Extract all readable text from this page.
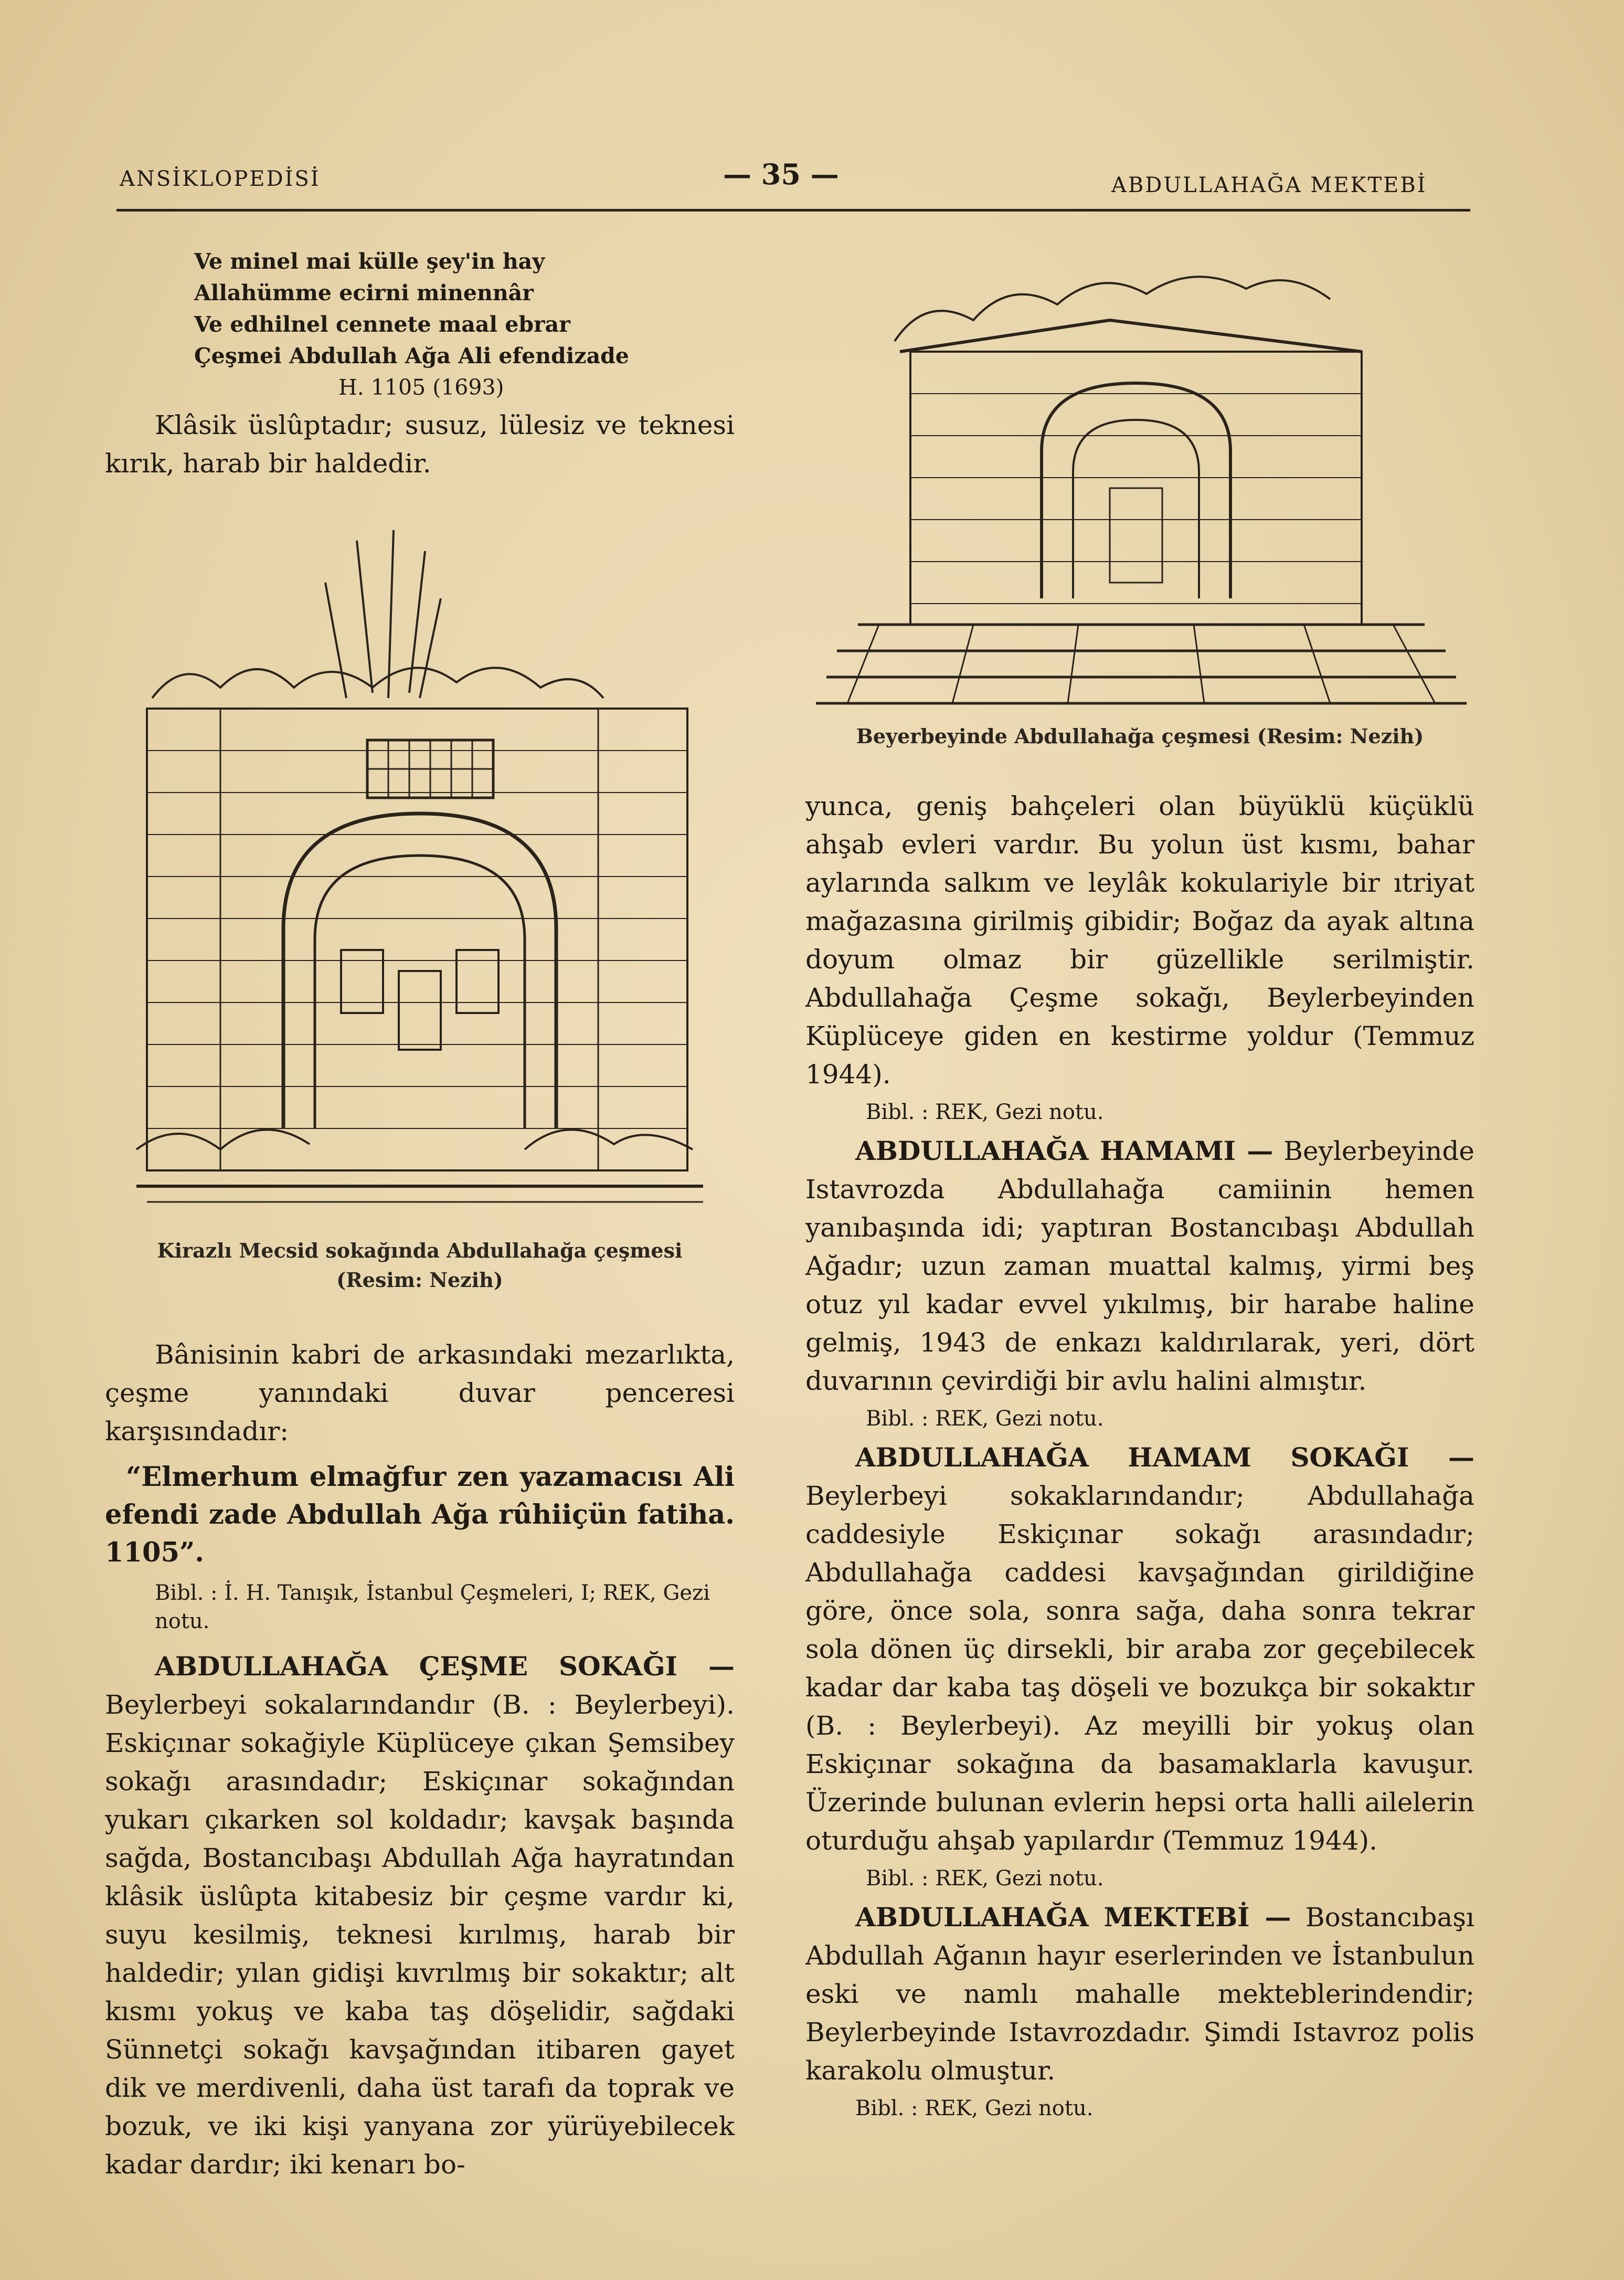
ANSİKLOPEDİSİ	— 35 —	ABDULLAHAĞA MEKTEBİ
Ve minel mai külle şey'in hay
Allahümme ecirni minennâr
Ve edhilnel cennete maal ebrar
Çeşmei Abdullah Ağa Ali efendizade
H. 1105 (1693)

Klâsik üslûptadır; susuz, lülesiz ve teknesi kırık, harab bir haldedir.

Kirazlı Mecsid sokağında Abdullahağa çeşmesi
(Resim: Nezih)

Bânisinin kabri de arkasındaki mezarlıkta, çeşme yanındaki duvar penceresi karşısındadır:

“Elmerhum elmağfur zen yazamacısı Ali efendi zade Abdullah Ağa rûhiiçün fatiha. 1105”.

Bibl. : İ. H. Tanışık, İstanbul Çeşmeleri, I; REK, Gezi notu.

ABDULLAHAĞA ÇEŞME SOKAĞI — Beylerbeyi sokalarındandır (B. : Beylerbeyi). Eskiçınar sokağiyle Küplüceye çıkan Şemsibey sokağı arasındadır; Eskiçınar sokağından yukarı çıkarken sol koldadır; kavşak başında sağda, Bostancıbaşı Abdullah Ağa hayratından klâsik üslûpta kitabesiz bir çeşme vardır ki, suyu kesilmiş, teknesi kırılmış, harab bir haldedir; yılan gidişi kıvrılmış bir sokaktır; alt kısmı yokuş ve kaba taş döşelidir, sağdaki Sünnetçi sokağı kavşağından itibaren gayet dik ve merdivenli, daha üst tarafı da toprak ve bozuk, ve iki kişi yanyana zor yürüyebilecek kadar dardır; iki kenarı bo-

Beyerbeyinde Abdullahağa çeşmesi (Resim: Nezih)

yunca, geniş bahçeleri olan büyüklü küçüklü ahşab evleri vardır. Bu yolun üst kısmı, bahar aylarında salkım ve leylâk kokulariyle bir ıtriyat mağazasına girilmiş gibidir; Boğaz da ayak altına doyum olmaz bir güzellikle serilmiştir. Abdullahağa Çeşme sokağı, Beylerbeyinden Küplüceye giden en kestirme yoldur (Temmuz 1944).

Bibl. : REK, Gezi notu.

ABDULLAHAĞA HAMAMI — Beylerbeyinde Istavrozda Abdullahağa camiinin hemen yanıbaşında idi; yaptıran Bostancıbaşı Abdullah Ağadır; uzun zaman muattal kalmış, yirmi beş otuz yıl kadar evvel yıkılmış, bir harabe haline gelmiş, 1943 de enkazı kaldırılarak, yeri, dört duvarının çevirdiği bir avlu halini almıştır.

Bibl. : REK, Gezi notu.

ABDULLAHAĞA HAMAM SOKAĞI — Beylerbeyi sokaklarındandır; Abdullahağa caddesiyle Eskiçınar sokağı arasındadır; Abdullahağa caddesi kavşağından girildiğine göre, önce sola, sonra sağa, daha sonra tekrar sola dönen üç dirsekli, bir araba zor geçebilecek kadar dar kaba taş döşeli ve bozukça bir sokaktır (B. : Beylerbeyi). Az meyilli bir yokuş olan Eskiçınar sokağına da basamaklarla kavuşur. Üzerinde bulunan evlerin hepsi orta halli ailelerin oturduğu ahşab yapılardır (Temmuz 1944).

Bibl. : REK, Gezi notu.

ABDULLAHAĞA MEKTEBİ — Bostancıbaşı Abdullah Ağanın hayır eserlerinden ve İstanbulun eski ve namlı mahalle mekteblerindendir; Beylerbeyinde Istavrozdadır. Şimdi Istavroz polis karakolu olmuştur.

Bibl. : REK, Gezi notu.
